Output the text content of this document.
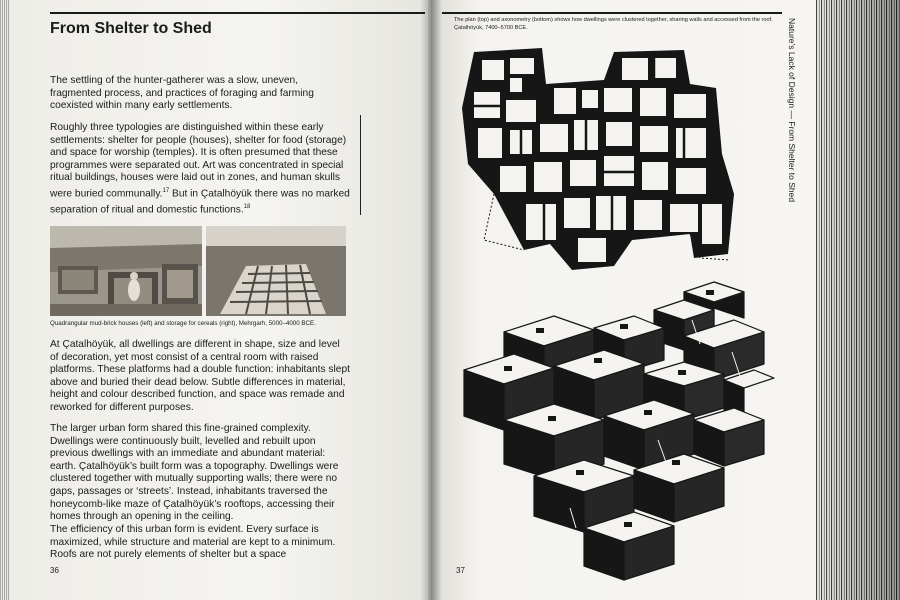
From Shelter to Shed

The settling of the hunter-gatherer was a slow, uneven, fragmented process, and practices of foraging and farming coexisted within many early settlements.

Roughly three typologies are distinguished within these early settlements: shelter for people (houses), shelter for food (storage) and space for worship (temples). It is often presumed that these programmes were separated out. Art was concentrated in special ritual buildings, houses were laid out in zones, and human skulls were buried communally.$^{17}$ But in Çatalhöyük there was no marked separation of ritual and domestic functions.$^{18}$

Quadrangular mud-brick houses (left) and storage for cereals (right), Mehrgarh, 5000–4000 BCE.

At Çatalhöyük, all dwellings are different in shape, size and level of decoration, yet most consist of a central room with raised platforms. These platforms had a double function: inhabitants slept above and buried their dead below. Subtle differences in material, height and colour described function, and space was remade and reworked for different purposes.

The larger urban form shared this fine-grained complexity. Dwellings were continuously built, levelled and rebuilt upon previous dwellings with an immediate and abundant material: earth. Çatalhöyük’s built form was a topography. Dwellings were clustered together with mutually supporting walls; there were no gaps, passages or ‘streets’. Instead, inhabitants traversed the honeycomb-like maze of Çatalhöyük’s rooftops, accessing their homes through an opening in the ceiling.

The efficiency of this urban form is evident. Every surface is maximized, while structure and material are kept to a minimum. Roofs are not purely elements of shelter but a space

36

The plan (top) and axonometry (bottom) shows how dwellings were clustered together, sharing walls and accessed from the roof.
Çatalhöyük, 7400–5700 BCE.	Nature’s Lack of Design — From Shelter to Shed

37
